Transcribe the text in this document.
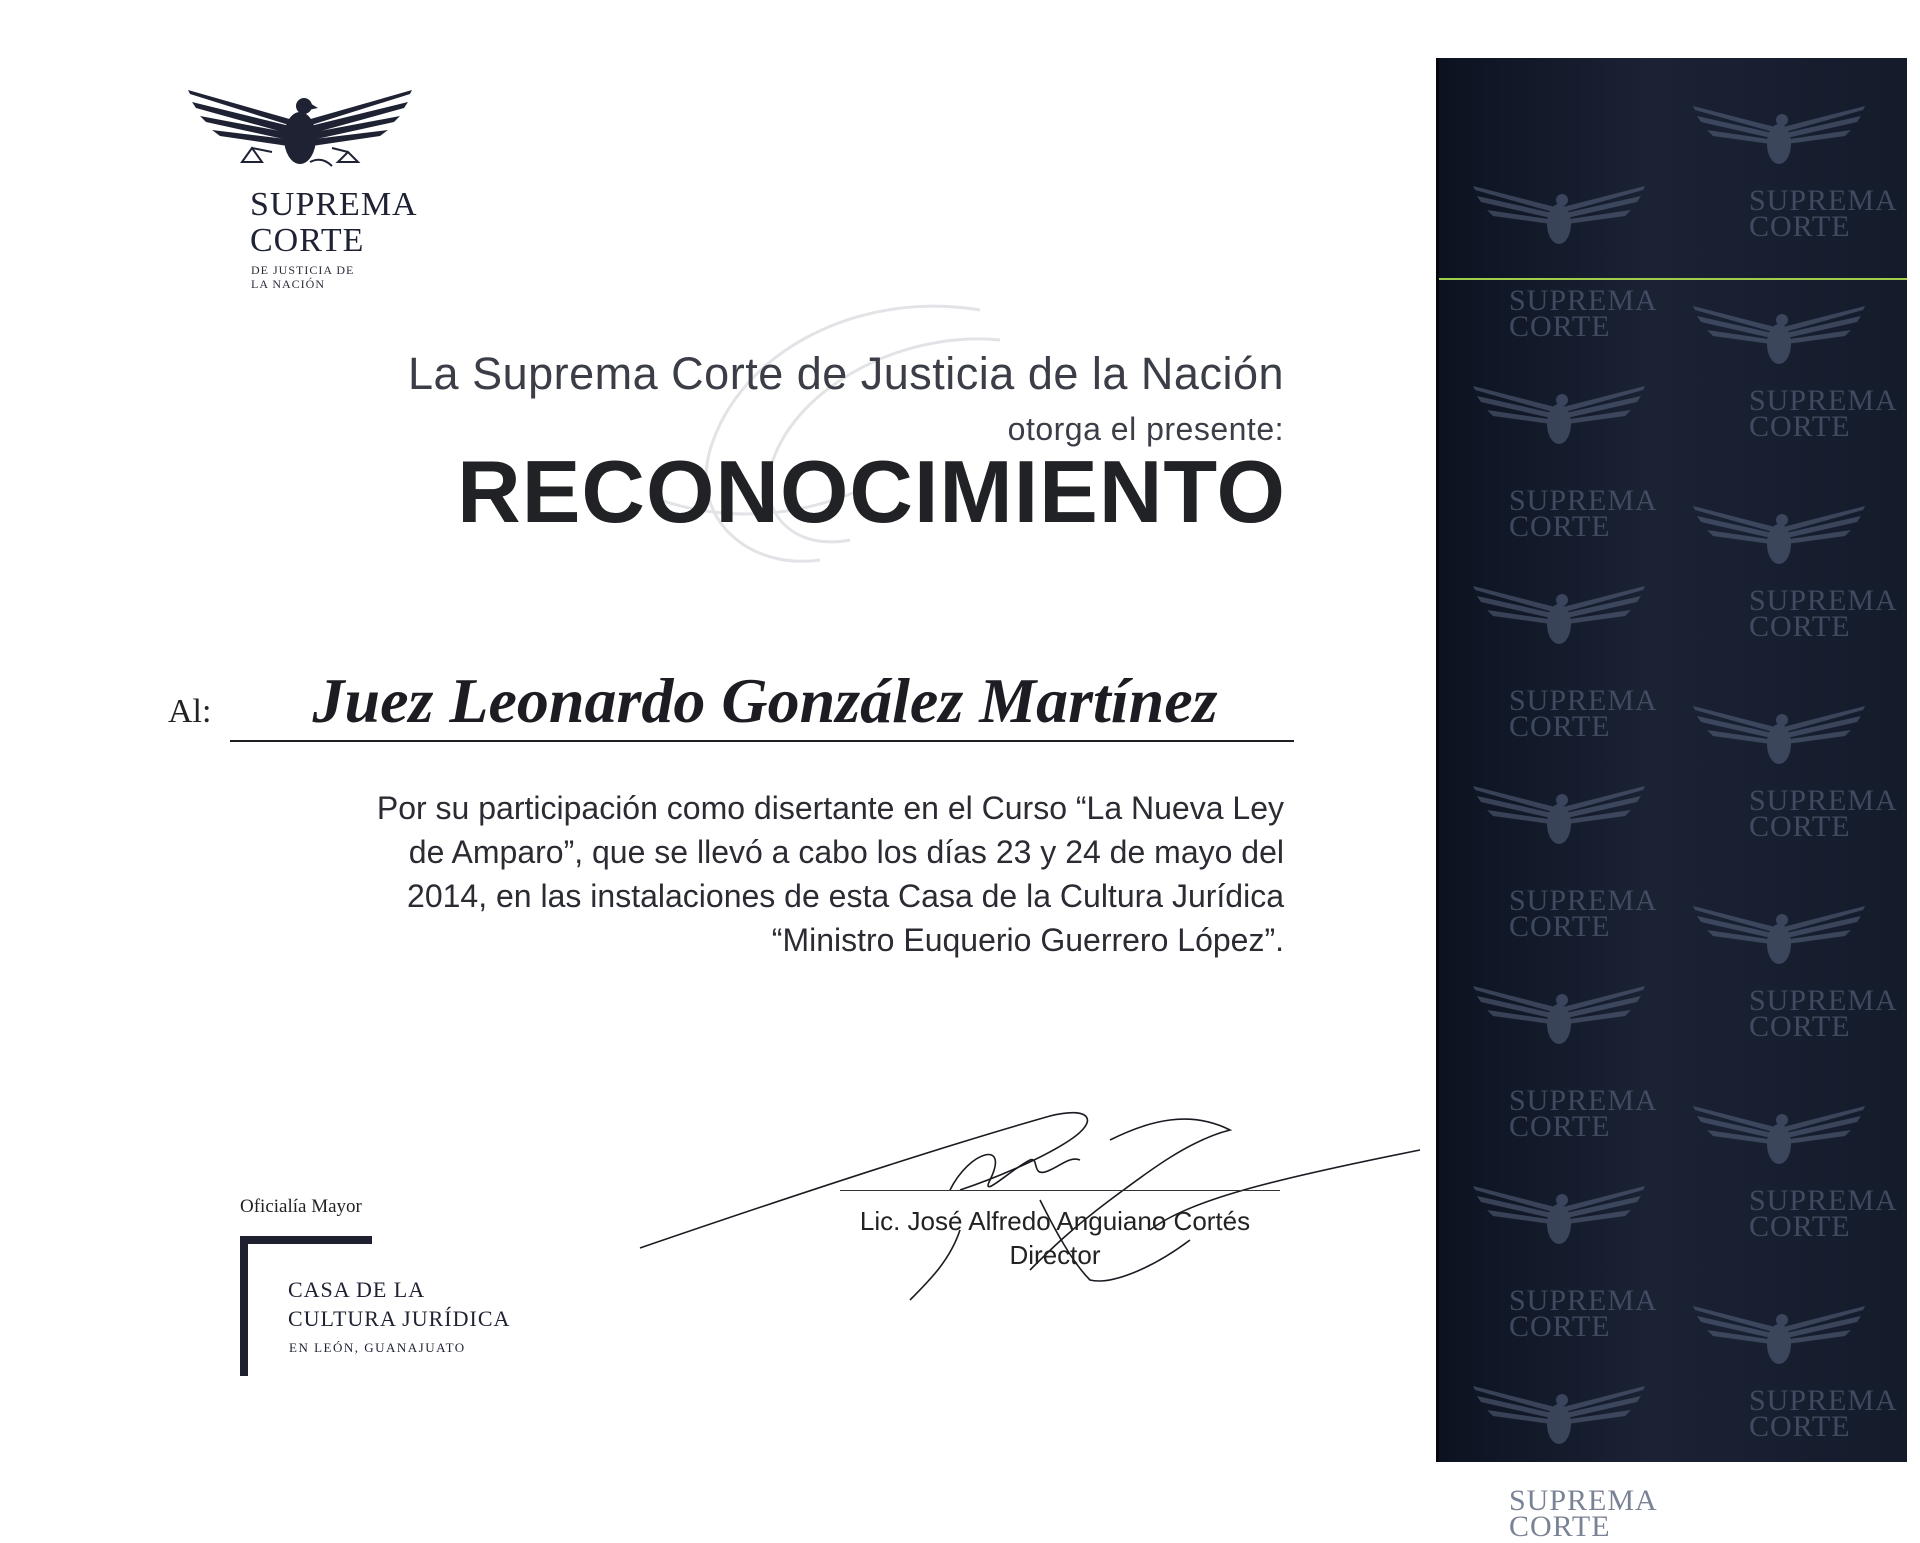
SUPREMA
CORTE
DE JUSTICIA DE
LA NACIÓN
La Suprema Corte de Justicia de la Nación
otorga el presente:
RECONOCIMIENTO
Al:	Juez Leonardo González Martínez
Por su participación como disertante en el Curso “La Nueva Ley
de Amparo”, que se llevó a cabo los días 23 y 24 de mayo del
2014, en las instalaciones de esta Casa de la Cultura Jurídica
“Ministro Euquerio Guerrero López”.
Lic. José Alfredo Anguiano Cortés
Director
Oficialía Mayor
CASA DE LA
CULTURA JURÍDICA
EN LEÓN, GUANAJUATO
SUPREMA
CORTE
SUPREMA
CORTE
SUPREMA
CORTE
SUPREMA
CORTE
SUPREMA
CORTE
SUPREMA
CORTE
SUPREMA
CORTE
SUPREMA
CORTE
SUPREMA
CORTE
SUPREMA
CORTE
SUPREMA
CORTE
SUPREMA
CORTE
SUPREMA
CORTE
SUPREMA
CORTE
